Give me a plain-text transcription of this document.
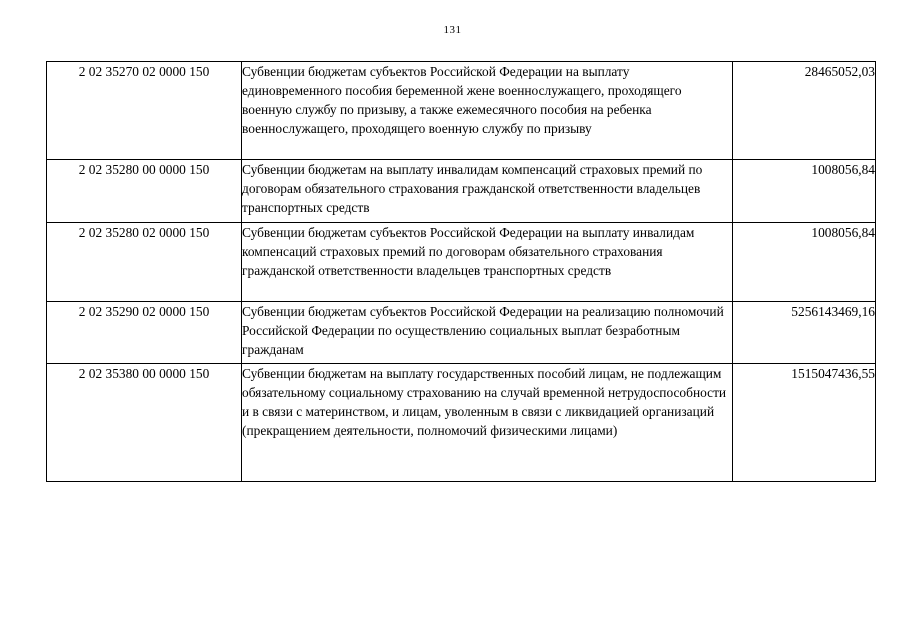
131
2 02 35270 02 0000 150	Субвенции бюджетам субъектов Российской Федерации на выплату единовременного пособия беременной жене военнослужащего, проходящего военную службу по призыву, а также ежемесячного пособия на ребенка военнослужащего, проходящего военную службу по призыву	28465052,03
2 02 35280 00 0000 150	Субвенции бюджетам на выплату инвалидам компенсаций страховых премий по договорам обязательного страхования гражданской ответственности владельцев транспортных средств	1008056,84
2 02 35280 02 0000 150	Субвенции бюджетам субъектов Российской Федерации на выплату инвалидам компенсаций страховых премий по договорам обязательного страхования гражданской ответственности владельцев транспортных средств	1008056,84
2 02 35290 02 0000 150	Субвенции бюджетам субъектов Российской Федерации на реализацию полномочий Российской Федерации по осуществлению социальных выплат безработным гражданам	5256143469,16
2 02 35380 00 0000 150	Субвенции бюджетам на выплату государственных пособий лицам, не подлежащим обязательному социальному страхованию на случай временной нетрудоспособности и в связи с материнством, и лицам, уволенным в связи с ликвидацией организаций (прекращением деятельности, полномочий физическими лицами)	1515047436,55
